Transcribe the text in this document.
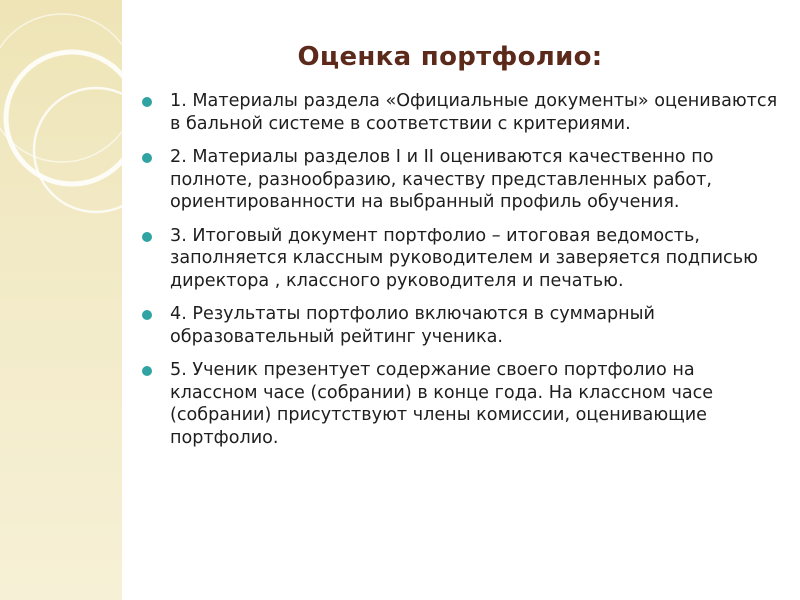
Оценка портфолио:
1. Материалы раздела «Официальные документы» оцениваются в бальной системе в соответствии с критериями.
2. Материалы разделов I и II оцениваются качественно по полноте, разнообразию, качеству представленных работ, ориентированности на выбранный профиль обучения.
3. Итоговый документ портфолио – итоговая ведомость, заполняется классным руководителем и заверяется подписью директора , классного руководителя и печатью.
4. Результаты портфолио включаются в суммарный образовательный рейтинг ученика.
5. Ученик презентует содержание своего портфолио на классном часе (собрании) в конце года. На классном часе (собрании) присутствуют члены комиссии, оценивающие портфолио.
